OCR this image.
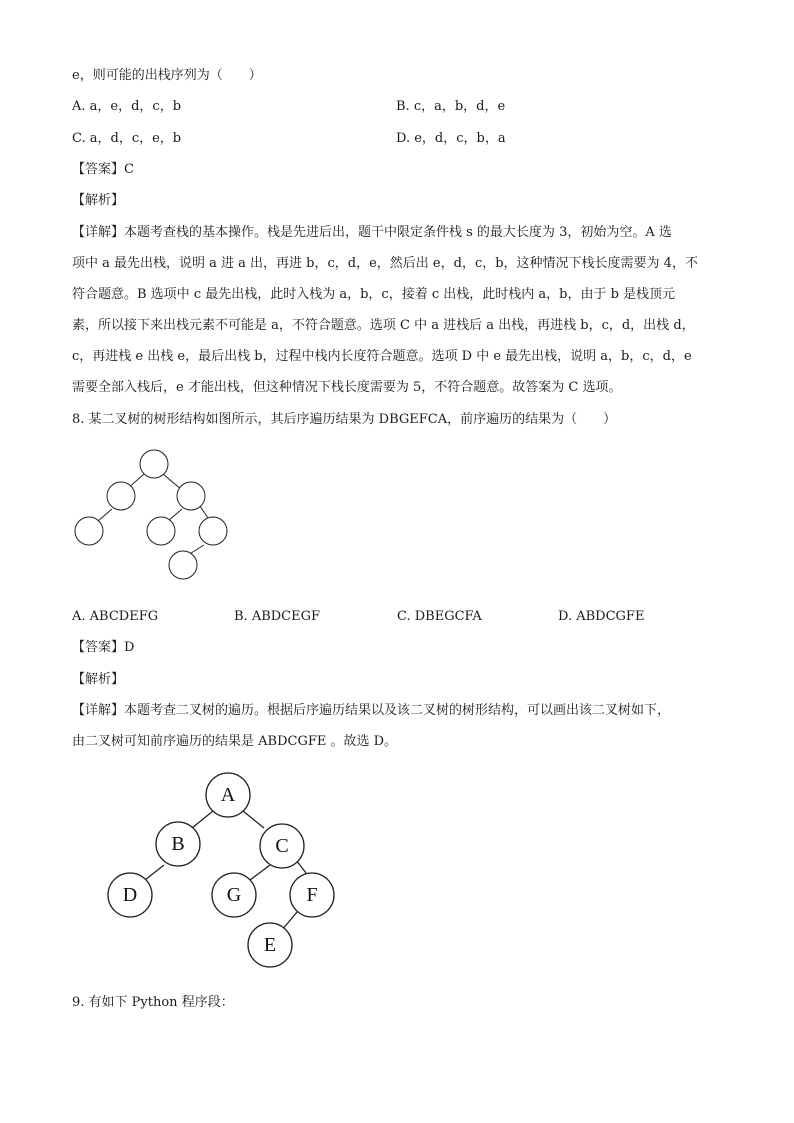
e，则可能的出栈序列为（　　）
A. a，e，d，c，b	B. c，a，b，d，e
C. a，d，c，e，b	D. e，d，c，b，a
【答案】C
【解析】
【详解】本题考查栈的基本操作。栈是先进后出，题干中限定条件栈 s 的最大长度为 3，初始为空。A 选
项中 a 最先出栈，说明 a 进 a 出，再进 b，c，d，e，然后出 e，d，c，b，这种情况下栈长度需要为 4，不
符合题意。B 选项中 c 最先出栈，此时入栈为 a，b，c，接着 c 出栈，此时栈内 a，b，由于 b 是栈顶元
素，所以接下来出栈元素不可能是 a，不符合题意。选项 C 中 a 进栈后 a 出栈，再进栈 b，c，d，出栈 d，
c，再进栈 e 出栈 e，最后出栈 b，过程中栈内长度符合题意。选项 D 中 e 最先出栈，说明 a，b，c，d，e
需要全部入栈后，e 才能出栈，但这种情况下栈长度需要为 5，不符合题意。故答案为 C 选项。
8. 某二叉树的树形结构如图所示，其后序遍历结果为 DBGEFCA，前序遍历的结果为（　　）
A. ABCDEFG	B. ABDCEGF	C. DBEGCFA	D. ABDCGFE
【答案】D
【解析】
【详解】本题考查二叉树的遍历。根据后序遍历结果以及该二叉树的树形结构，可以画出该二叉树如下，
由二叉树可知前序遍历的结果是 ABDCGFE 。故选 D。
A
B	C
D	G	F
E
9. 有如下 Python 程序段：
